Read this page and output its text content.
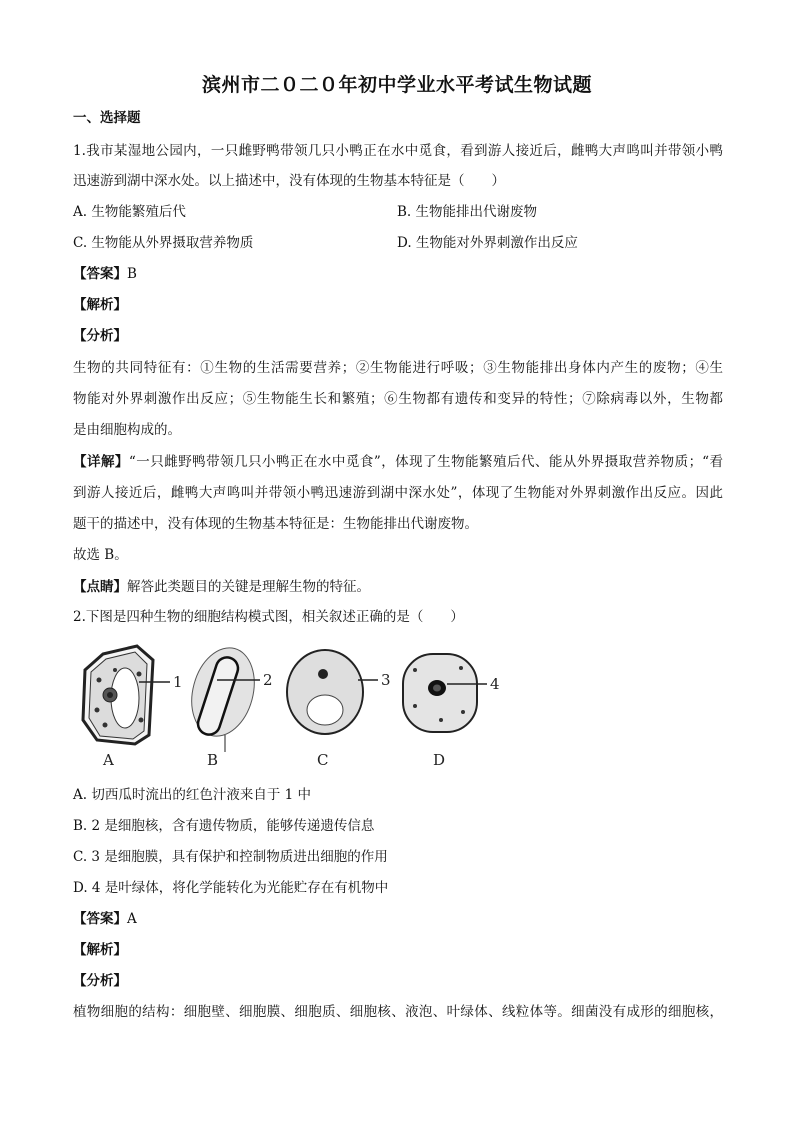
滨州市二０二０年初中学业水平考试生物试题
一、选择题
1.我市某湿地公园内，一只雌野鸭带领几只小鸭正在水中觅食，看到游人接近后，雌鸭大声鸣叫并带领小鸭
迅速游到湖中深水处。以上描述中，没有体现的生物基本特征是（　　）
A. 生物能繁殖后代	B. 生物能排出代谢废物
C. 生物能从外界摄取营养物质	D. 生物能对外界刺激作出反应
【答案】B
【解析】
【分析】
生物的共同特征有：①生物的生活需要营养；②生物能进行呼吸；③生物能排出身体内产生的废物；④生
物能对外界刺激作出反应；⑤生物能生长和繁殖；⑥生物都有遗传和变异的特性；⑦除病毒以外，生物都
是由细胞构成的。
【详解】“一只雌野鸭带领几只小鸭正在水中觅食”，体现了生物能繁殖后代、能从外界摄取营养物质；“看
到游人接近后，雌鸭大声鸣叫并带领小鸭迅速游到湖中深水处”，体现了生物能对外界刺激作出反应。因此
题干的描述中，没有体现的生物基本特征是：生物能排出代谢废物。
故选 B。
【点睛】解答此类题目的关键是理解生物的特征。
2.下图是四种生物的细胞结构模式图，相关叙述正确的是（　　）
1
A
2
B
3
C
4
D
A. 切西瓜时流出的红色汁液来自于 1 中
B. 2 是细胞核，含有遗传物质，能够传递遗传信息
C. 3 是细胞膜，具有保护和控制物质进出细胞的作用
D. 4 是叶绿体，将化学能转化为光能贮存在有机物中
【答案】A
【解析】
【分析】
植物细胞的结构：细胞壁、细胞膜、细胞质、细胞核、液泡、叶绿体、线粒体等。细菌没有成形的细胞核，
